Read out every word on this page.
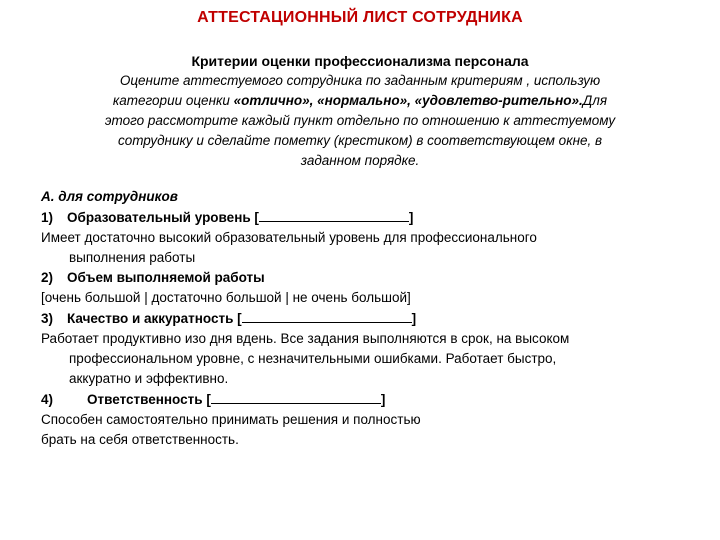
АТТЕСТАЦИОННЫЙ ЛИСТ СОТРУДНИКА
Критерии оценки профессионализма персонала
Оцените аттестуемого сотрудника по заданным критериям , использую
категории оценки «отлично», «нормально», «удовлетво-рительно».Для
этого рассмотрите каждый пункт отдельно по отношению к аттестуемому
сотруднику и сделайте пометку (крестиком) в соответствующем окне, в
заданном порядке.
А. для сотрудников
1) Образовательный уровень [	]
Имеет достаточно высокий образовательный уровень для профессионального
выполнения работы
2) Объем выполняемой работы
[очень большой | достаточно большой | не очень большой]
3) Качество и аккуратность [	]
Работает продуктивно изо дня вдень. Все задания выполняются в срок, на высоком
профессиональном уровне, с незначительными ошибками. Работает быстро,
аккуратно и эффективно.
4)	Ответственность [	]
Способен самостоятельно принимать решения и полностью
брать на себя ответственность.
